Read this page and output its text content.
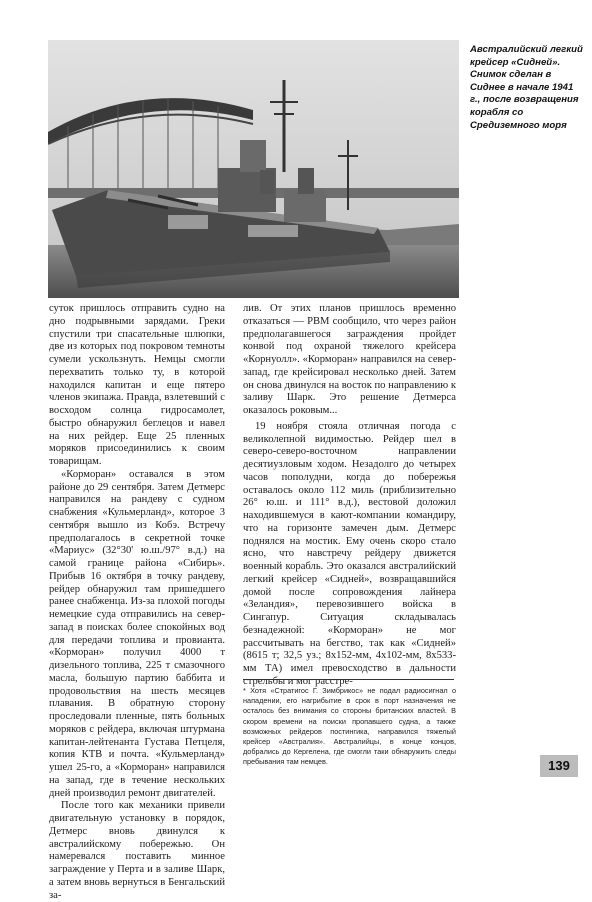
Австралийский легкий крейсер «Сидней». Снимок сделан в Сиднее в начале 1941 г., после возвращения корабля со Средиземного моря

суток пришлось отправить судно на дно подрывными зарядами. Греки спустили три спасательные шлюпки, две из которых под покровом темноты сумели ускользнуть. Немцы смогли перехватить только ту, в которой находился капитан и еще пятеро членов экипажа. Правда, взлетевший с восходом солнца гидросамолет, быстро обнаружил беглецов и навел на них рейдер. Еще 25 пленных моряков присоединились к своим товарищам.

«Корморан» оставался в этом районе до 29 сентября. Затем Детмерс направился на рандеву с судном снабжения «Кульмерланд», которое 3 сентября вышло из Кобэ. Встречу предполагалось в секретной точке «Мариус» (32°30' ю.ш./97° в.д.) на самой границе района «Сибирь». Прибыв 16 октября в точку рандеву, рейдер обнаружил там пришедшего ранее снабженца. Из-за плохой погоды немецкие суда отправились на север-запад в поисках более спокойных вод для передачи топлива и провианта. «Корморан» получил 4000 т дизельного топлива, 225 т смазочного масла, большую партию баббита и продовольствия на шесть месяцев плавания. В обратную сторону проследовали пленные, пять больных моряков с рейдера, включая штурмана капитан-лейтенанта Густава Петцеля, копия КТВ и почта. «Кульмерланд» ушел 25-го, а «Корморан» направился на запад, где в течение нескольких дней производил ремонт двигателей.

После того как механики привели двигательную установку в порядок, Детмерс вновь двинулся к австралийскому побережью. Он намеревался поставить минное заграждение у Перта и в заливе Шарк, а затем вновь вернуться в Бенгальский за-

лив. От этих планов пришлось временно отказаться — РВМ сообщило, что через район предполагавшегося заграждения пройдет конвой под охраной тяжелого крейсера «Корнуолл». «Корморан» направился на север-запад, где крейсировал несколько дней. Затем он снова двинулся на восток по направлению к заливу Шарк. Это решение Детмерса оказалось роковым...

19 ноября стояла отличная погода с великолепной видимостью. Рейдер шел в северо-северо-восточном направлении десятиузловым ходом. Незадолго до четырех часов пополудни, когда до побережья оставалось около 112 миль (приблизительно 26° ю.ш. и 111° в.д.), вестовой доложил находившемуся в кают-компании командиру, что на горизонте замечен дым. Детмерс поднялся на мостик. Ему очень скоро стало ясно, что навстречу рейдеру движется военный корабль. Это оказался австралийский легкий крейсер «Сидней», возвращавшийся домой после сопровождения лайнера «Зеландия», перевозившего войска в Сингапур. Ситуация складывалась безнадежной: «Корморан» не мог рассчитывать на бегство, так как «Сидней» (8615 т; 32,5 уз.; 8х152-мм, 4х102-мм, 8х533-мм ТА) имел превосходство в дальности стрельбы и мог расстре-

* Хотя «Стратигос Г. Зимбрикос» не подал радиосигнал о нападении, его нагрибытие в срок в порт назначения не осталось без внимания со стороны британских властей. В скором времени на поиски пропавшего судна, а также возможных рейдеров постингика, направился тяжелый крейсер «Австралия». Австралийцы, в конце концов, добрались до Кергелена, где смогли таки обнаружить следы пребывания там немцев.	139
